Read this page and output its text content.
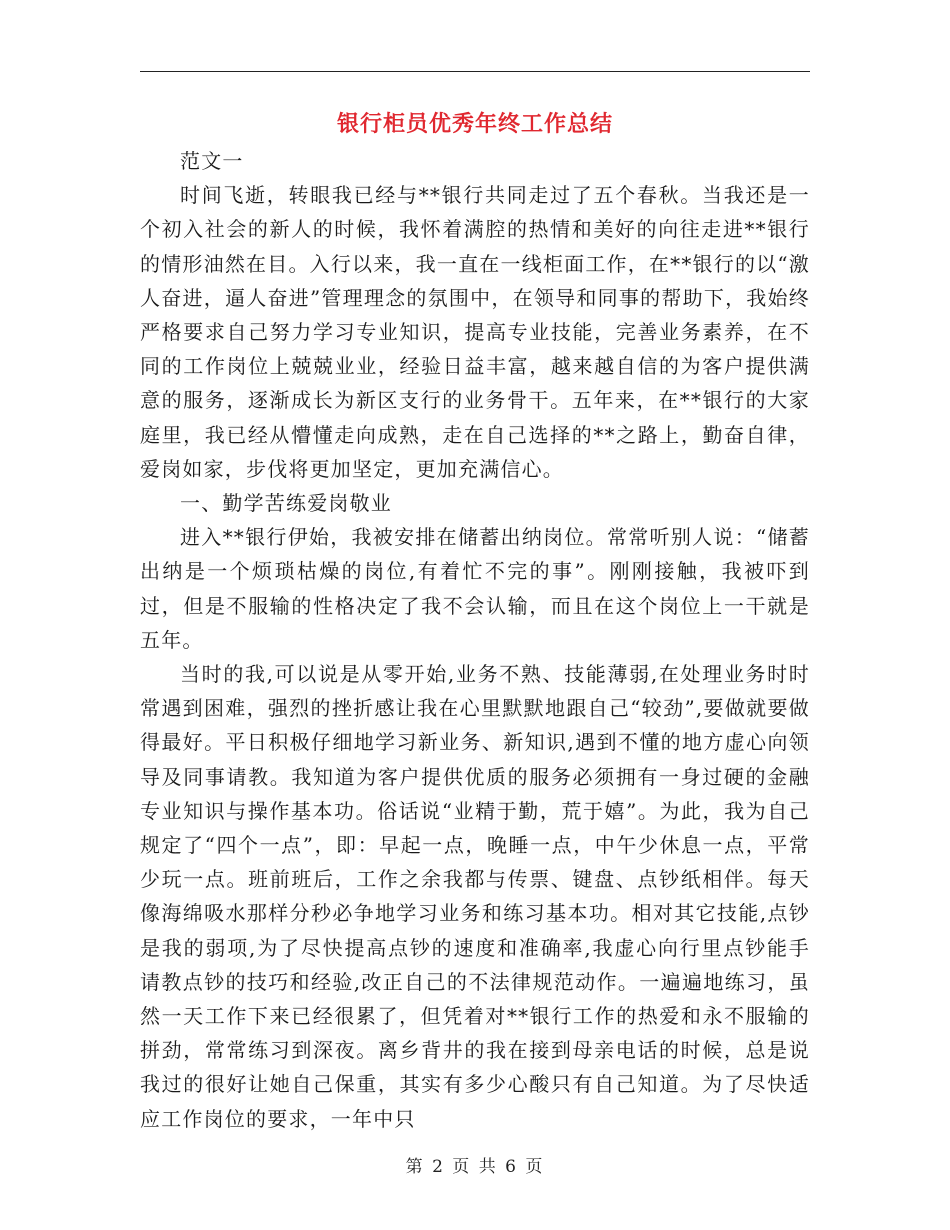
银行柜员优秀年终工作总结

范文一

时间飞逝，转眼我已经与**银行共同走过了五个春秋。当我还是一个初入社会的新人的时候，我怀着满腔的热情和美好的向往走进**银行的情形油然在目。入行以来，我一直在一线柜面工作，在**银行的以“激人奋进，逼人奋进”管理理念的氛围中，在领导和同事的帮助下，我始终严格要求自己努力学习专业知识，提高专业技能，完善业务素养，在不同的工作岗位上兢兢业业，经验日益丰富，越来越自信的为客户提供满意的服务，逐渐成长为新区支行的业务骨干。五年来，在**银行的大家庭里，我已经从懵懂走向成熟，走在自己选择的**之路上，勤奋自律，爱岗如家，步伐将更加坚定，更加充满信心。

一、勤学苦练爱岗敬业

进入**银行伊始，我被安排在储蓄出纳岗位。常常听别人说：“储蓄出纳是一个烦琐枯燥的岗位,有着忙不完的事”。刚刚接触，我被吓到过，但是不服输的性格决定了我不会认输，而且在这个岗位上一干就是五年。

当时的我,可以说是从零开始,业务不熟、技能薄弱,在处理业务时时常遇到困难，强烈的挫折感让我在心里默默地跟自己“较劲”,要做就要做得最好。平日积极仔细地学习新业务、新知识,遇到不懂的地方虚心向领导及同事请教。我知道为客户提供优质的服务必须拥有一身过硬的金融专业知识与操作基本功。俗话说“业精于勤，荒于嬉”。为此，我为自己规定了“四个一点”，即：早起一点，晚睡一点，中午少休息一点，平常少玩一点。班前班后，工作之余我都与传票、键盘、点钞纸相伴。每天像海绵吸水那样分秒必争地学习业务和练习基本功。相对其它技能,点钞是我的弱项,为了尽快提高点钞的速度和准确率,我虚心向行里点钞能手请教点钞的技巧和经验,改正自己的不法律规范动作。一遍遍地练习，虽然一天工作下来已经很累了，但凭着对**银行工作的热爱和永不服输的拼劲，常常练习到深夜。离乡背井的我在接到母亲电话的时候，总是说我过的很好让她自己保重，其实有多少心酸只有自己知道。为了尽快适应工作岗位的要求，一年中只

第 2 页 共 6 页
